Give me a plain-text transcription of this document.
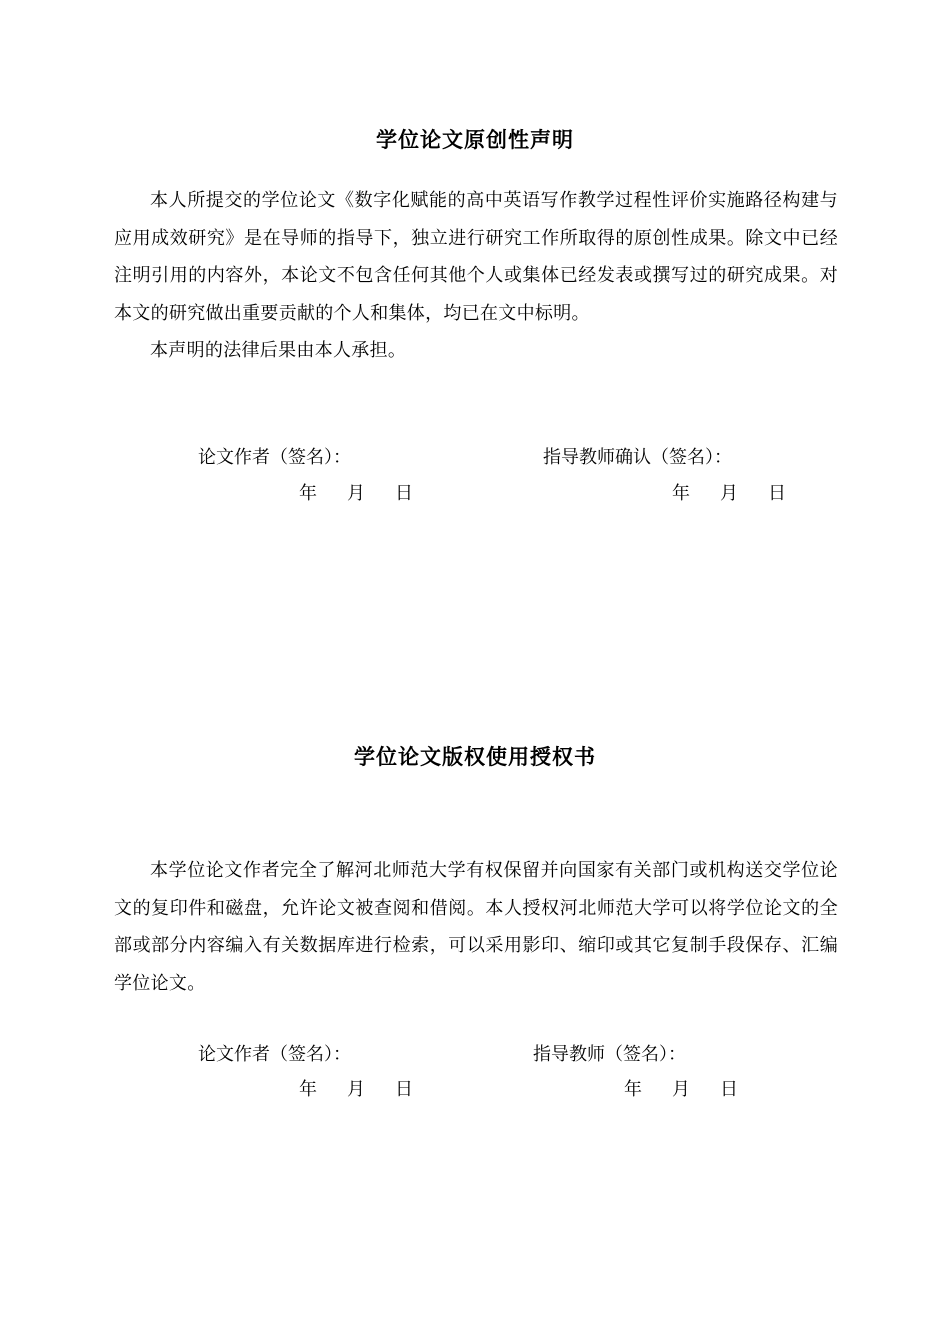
学位论文原创性声明

本人所提交的学位论文《数字化赋能的高中英语写作教学过程性评价实施路径构建与应用成效研究》是在导师的指导下，独立进行研究工作所取得的原创性成果。除文中已经注明引用的内容外，本论文不包含任何其他个人或集体已经发表或撰写过的研究成果。对本文的研究做出重要贡献的个人和集体，均已在文中标明。

本声明的法律后果由本人承担。

论文作者（签名）：	指导教师确认（签名）：
年 月 日	年 月 日
学位论文版权使用授权书

本学位论文作者完全了解河北师范大学有权保留并向国家有关部门或机构送交学位论文的复印件和磁盘，允许论文被查阅和借阅。本人授权河北师范大学可以将学位论文的全部或部分内容编入有关数据库进行检索，可以采用影印、缩印或其它复制手段保存、汇编学位论文。

论文作者（签名）：	指导教师（签名）：
年 月 日	年 月 日
